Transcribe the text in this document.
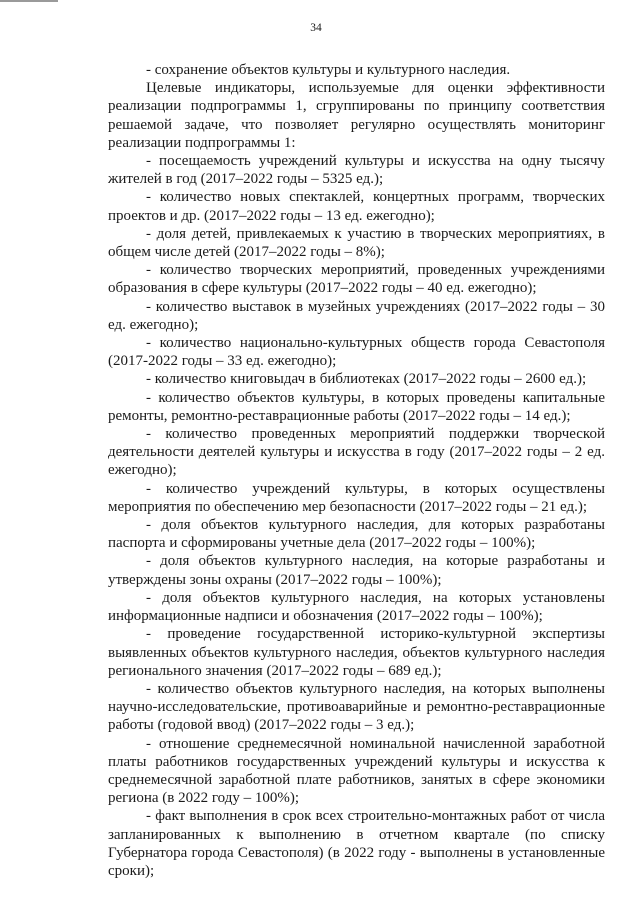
34

- сохранение объектов культуры и культурного наследия.

Целевые индикаторы, используемые для оценки эффективности реализации подпрограммы 1, сгруппированы по принципу соответствия решаемой задаче, что позволяет регулярно осуществлять мониторинг реализации подпрограммы 1:

- посещаемость учреждений культуры и искусства на одну тысячу жителей в год (2017–2022 годы – 5325 ед.);

- количество новых спектаклей, концертных программ, творческих проектов и др. (2017–2022 годы – 13 ед. ежегодно);

- доля детей, привлекаемых к участию в творческих мероприятиях, в общем числе детей (2017–2022 годы – 8%);

- количество творческих мероприятий, проведенных учреждениями образования в сфере культуры (2017–2022 годы – 40 ед. ежегодно);

- количество выставок в музейных учреждениях (2017–2022 годы – 30 ед. ежегодно);

- количество национально-культурных обществ города Севастополя (2017-2022 годы – 33 ед. ежегодно);

- количество книговыдач в библиотеках (2017–2022 годы – 2600 ед.);

- количество объектов культуры, в которых проведены капитальные ремонты, ремонтно-реставрационные работы (2017–2022 годы – 14 ед.);

- количество проведенных мероприятий поддержки творческой деятельности деятелей культуры и искусства в году (2017–2022 годы – 2 ед. ежегодно);

- количество учреждений культуры, в которых осуществлены мероприятия по обеспечению мер безопасности (2017–2022 годы – 21 ед.);

- доля объектов культурного наследия, для которых разработаны паспорта и сформированы учетные дела (2017–2022 годы – 100%);

- доля объектов культурного наследия, на которые разработаны и утверждены зоны охраны (2017–2022 годы – 100%);

- доля объектов культурного наследия, на которых установлены информационные надписи и обозначения (2017–2022 годы – 100%);

- проведение государственной историко-культурной экспертизы выявленных объектов культурного наследия, объектов культурного наследия регионального значения (2017–2022 годы – 689 ед.);

- количество объектов культурного наследия, на которых выполнены научно-исследовательские, противоаварийные и ремонтно-реставрационные работы (годовой ввод) (2017–2022 годы – 3 ед.);

- отношение среднемесячной номинальной начисленной заработной платы работников государственных учреждений культуры и искусства к среднемесячной заработной плате работников, занятых в сфере экономики региона (в 2022 году – 100%);

- факт выполнения в срок всех строительно-монтажных работ от числа запланированных к выполнению в отчетном квартале (по списку Губернатора города Севастополя) (в 2022 году - выполнены в установленные сроки);
